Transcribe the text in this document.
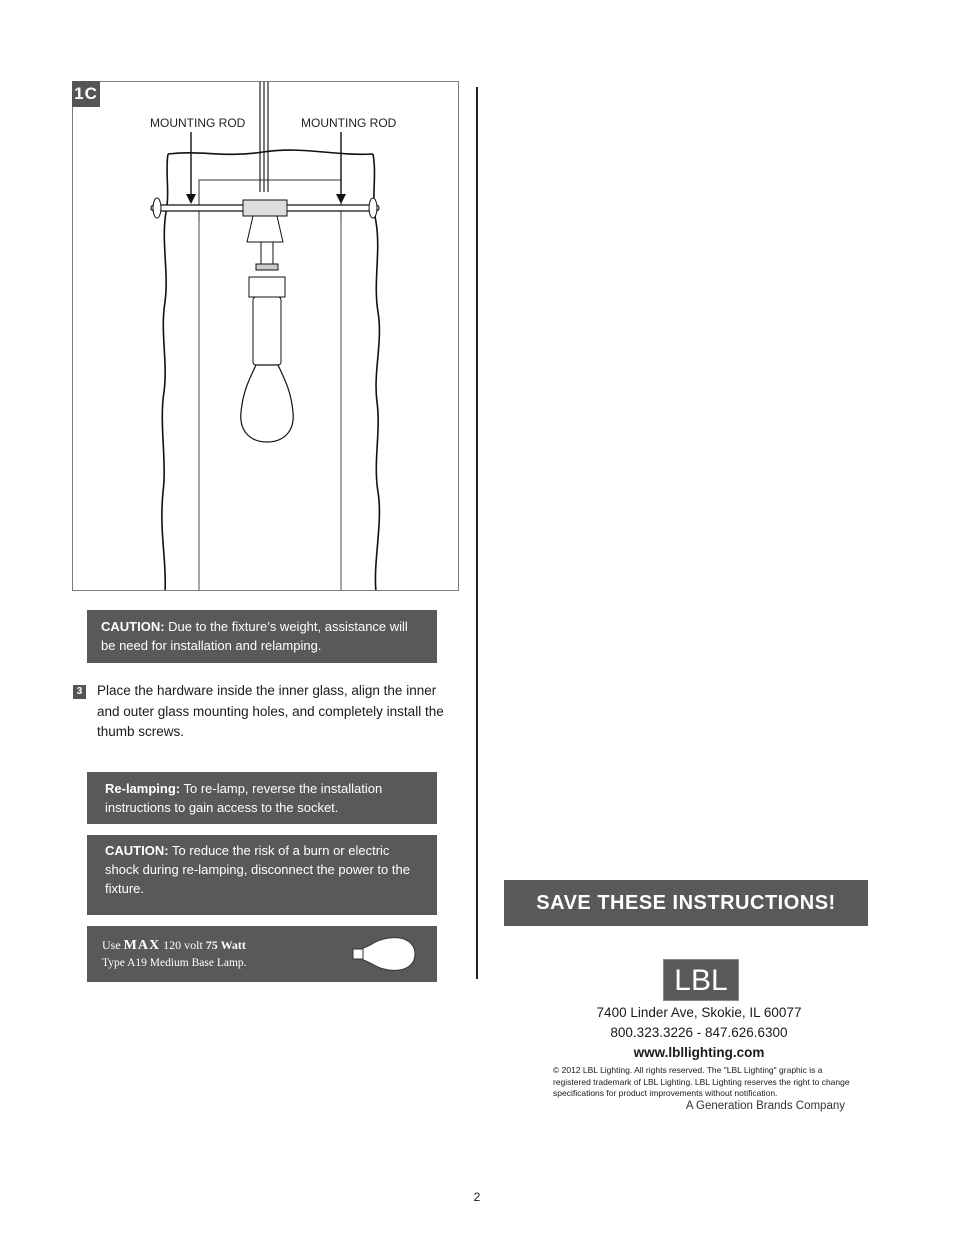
1C
MOUNTING ROD	MOUNTING ROD
CAUTION: Due to the fixture’s weight, assistance will be need for installation and relamping.
3 Place the hardware inside the inner glass, align the inner and outer glass mounting holes, and completely install the thumb screws.
Re-lamping: To re-lamp, reverse the installation instructions to gain access to the socket.
CAUTION: To reduce the risk of a burn or electric shock during re-lamping, disconnect the power to the fixture.
Use MAX 120 volt 75 Watt
Type A19 Medium Base Lamp.
SAVE THESE INSTRUCTIONS!
LBL
7400 Linder Ave, Skokie, IL 60077
800.323.3226 - 847.626.6300
www.lbllighting.com
© 2012 LBL Lighting. All rights reserved. The "LBL Lighting" graphic is a registered trademark of LBL Lighting. LBL Lighting reserves the right to change specifications for product improvements without notification.
A Generation Brands Company
2
